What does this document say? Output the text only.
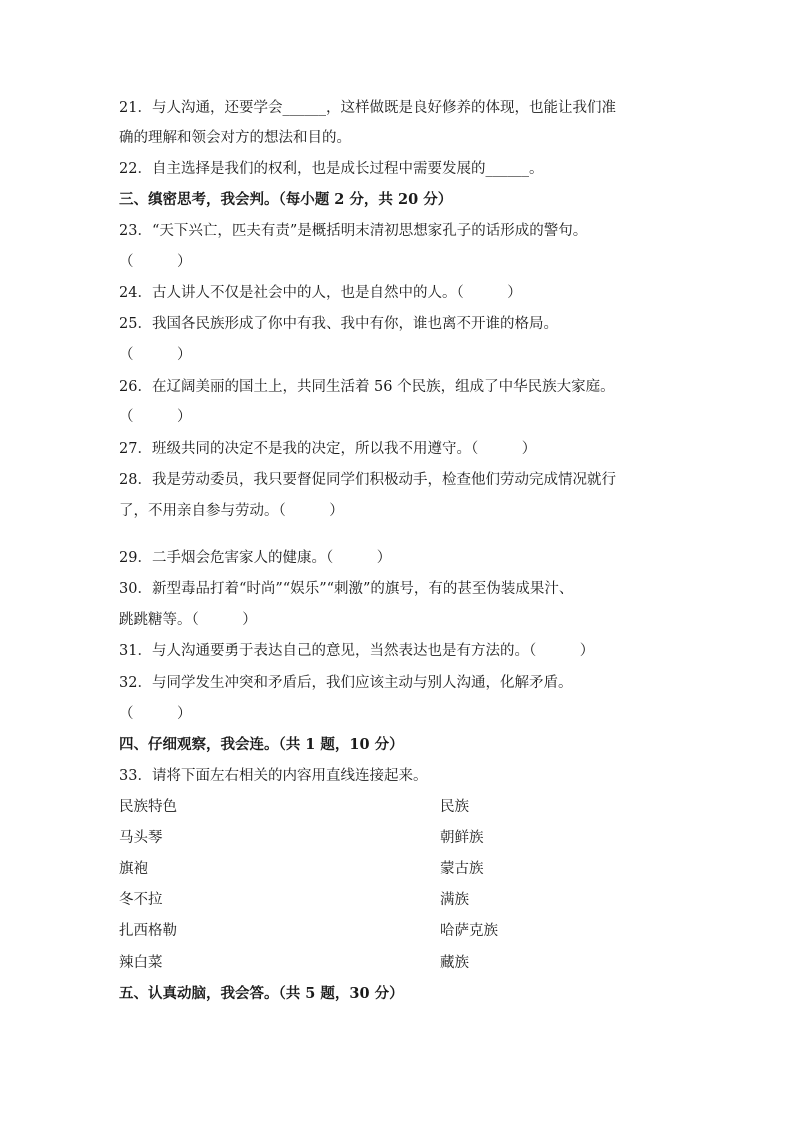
21．与人沟通，还要学会______，这样做既是良好修养的体现，也能让我们准
确的理解和领会对方的想法和目的。
22．自主选择是我们的权利，也是成长过程中需要发展的______。
三、缜密思考，我会判。（每小题 2 分，共 20 分）
23．“天下兴亡，匹夫有责”是概括明末清初思想家孔子的话形成的警句。
（　　　）
24．古人讲人不仅是社会中的人，也是自然中的人。（　　　）
25．我国各民族形成了你中有我、我中有你，谁也离不开谁的格局。
（　　　）
26．在辽阔美丽的国土上，共同生活着 56 个民族，组成了中华民族大家庭。
（　　　）
27．班级共同的决定不是我的决定，所以我不用遵守。（　　　）
28．我是劳动委员，我只要督促同学们积极动手，检查他们劳动完成情况就行
了，不用亲自参与劳动。（　　　）
29．二手烟会危害家人的健康。（　　　）
30．新型毒品打着“时尚”“娱乐”“刺激”的旗号，有的甚至伪装成果汁、
跳跳糖等。（　　　）
31．与人沟通要勇于表达自己的意见，当然表达也是有方法的。（　　　）
32．与同学发生冲突和矛盾后，我们应该主动与别人沟通，化解矛盾。
（　　　）
四、仔细观察，我会连。（共 1 题，10 分）
33．请将下面左右相关的内容用直线连接起来。
民族特色	民族
马头琴	朝鲜族
旗袍	蒙古族
冬不拉	满族
扎西格勒	哈萨克族
辣白菜	藏族
五、认真动脑，我会答。（共 5 题，30 分）
